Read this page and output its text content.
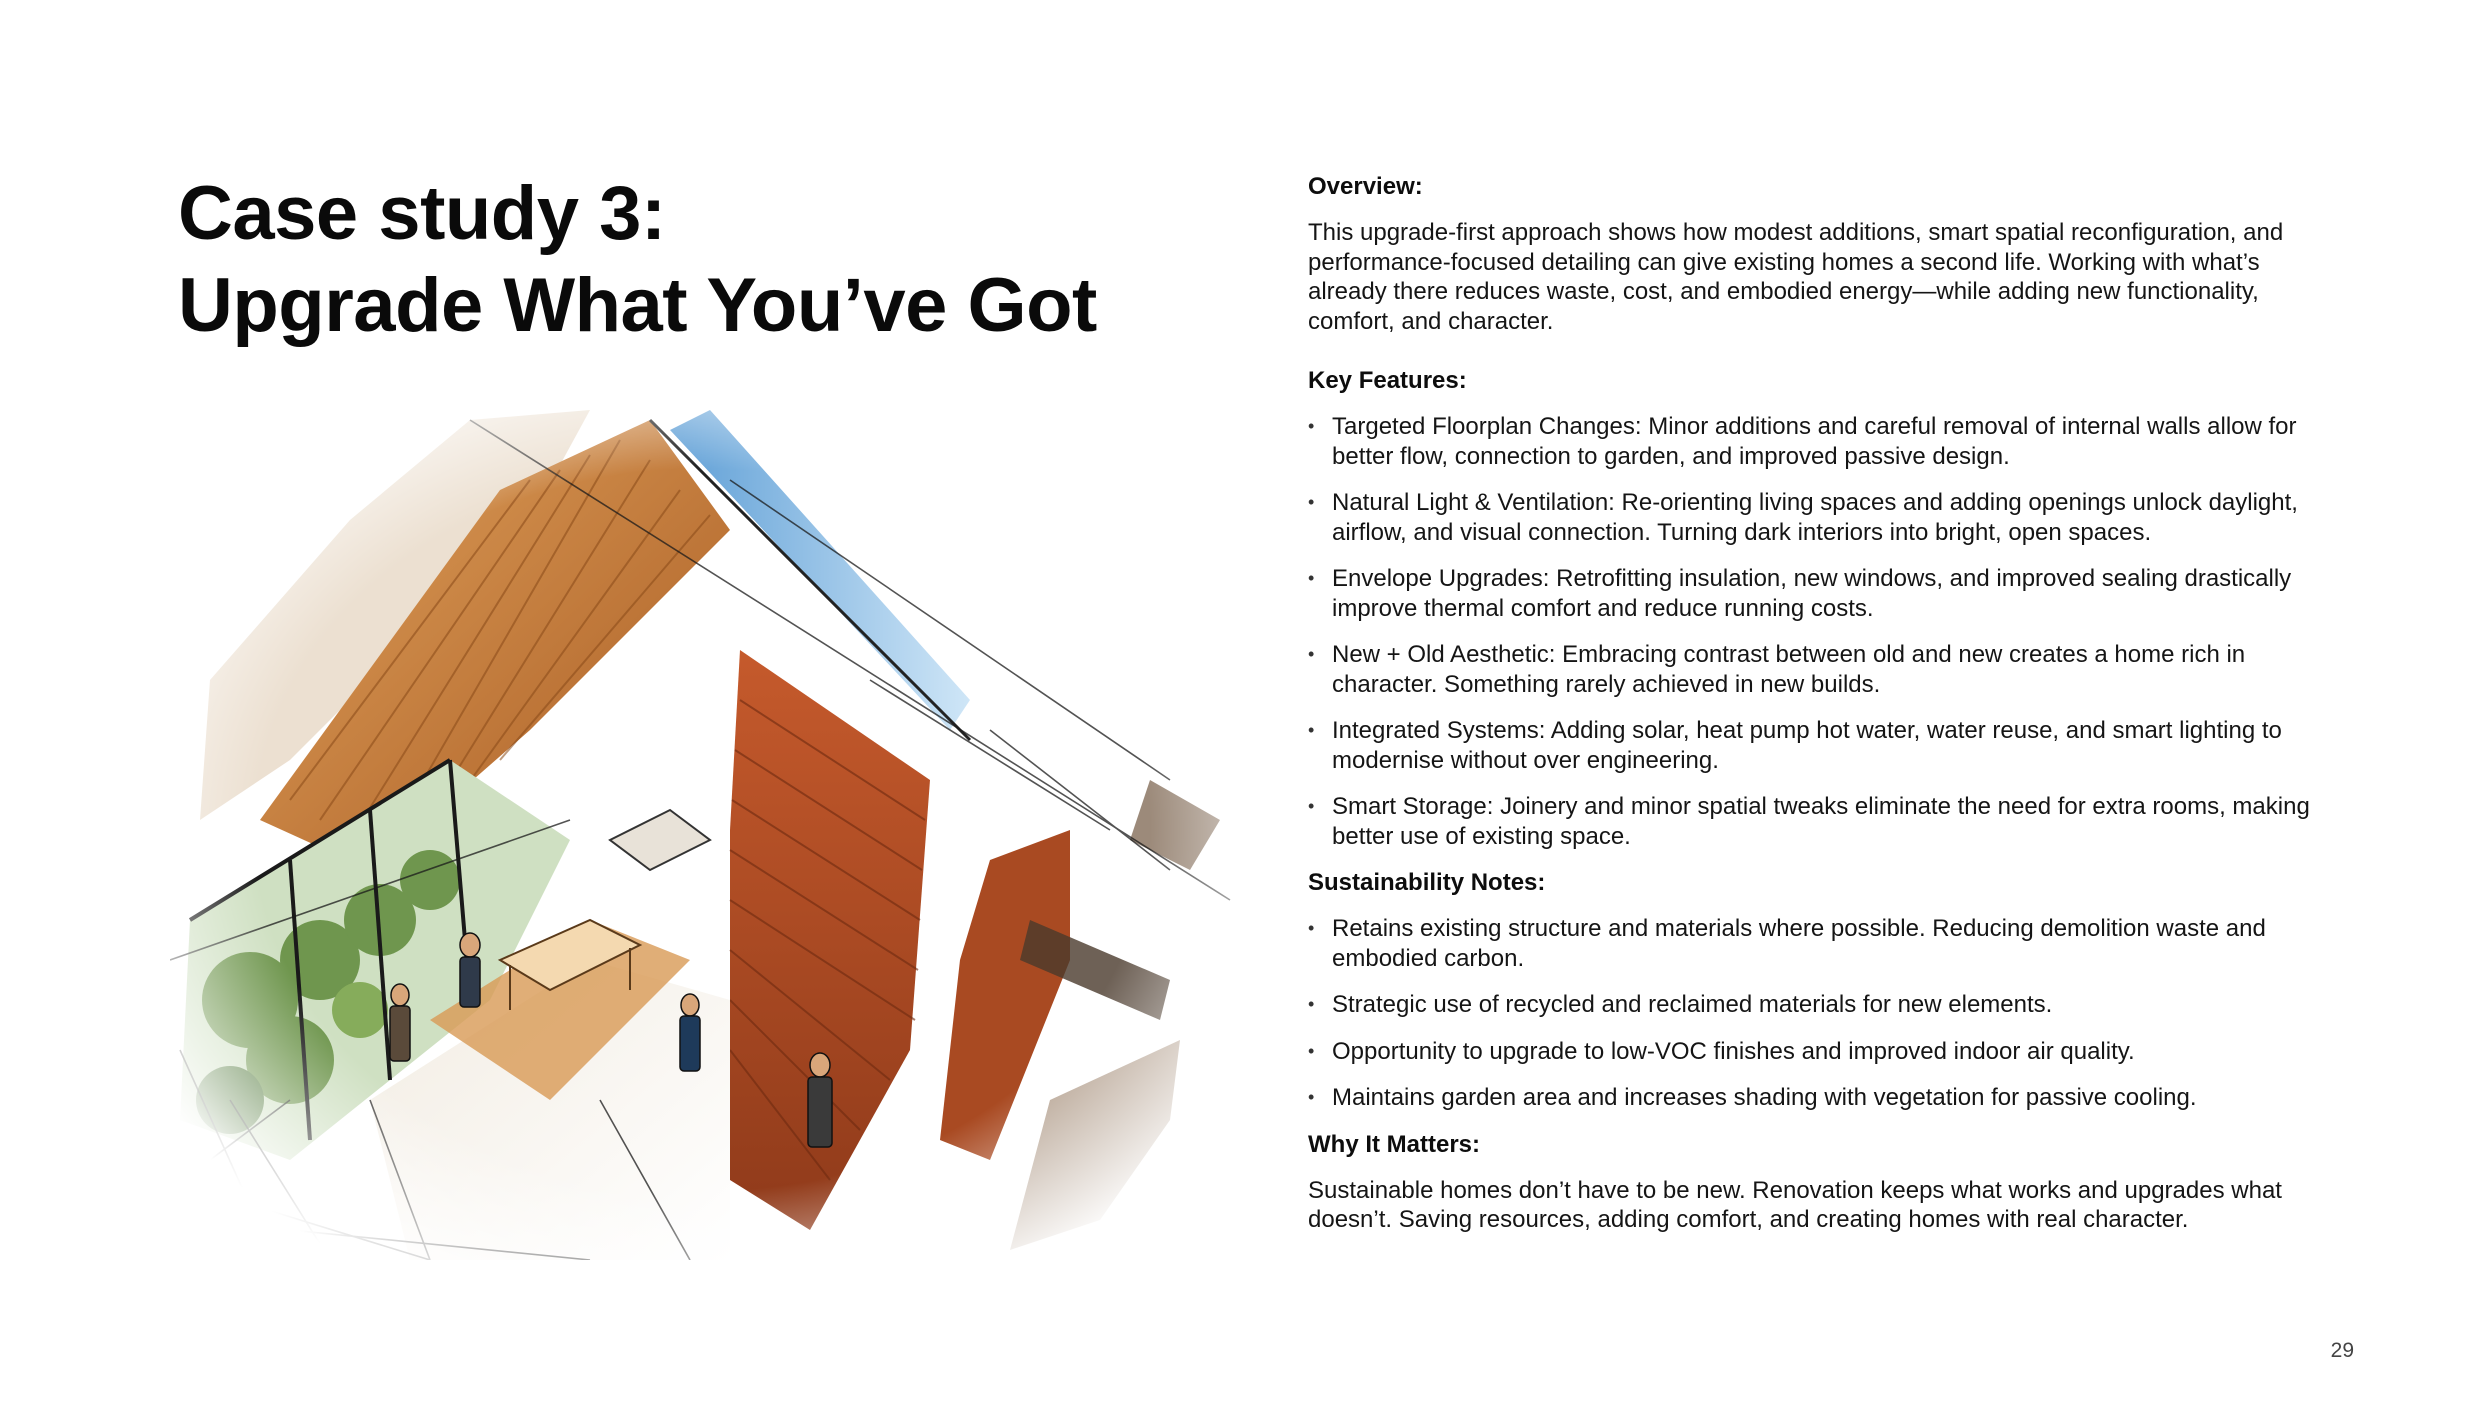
Case study 3:
Upgrade What You’ve Got

Overview:

This upgrade-first approach shows how modest additions, smart spatial reconfiguration, and performance-focused detailing can give existing homes a second life. Working with what’s already there reduces waste, cost, and embodied energy—while adding new functionality, comfort, and character.

Key Features:

• Targeted Floorplan Changes: Minor additions and careful removal of internal walls allow for better flow, connection to garden, and improved passive design.
• Natural Light & Ventilation: Re-orienting living spaces and adding openings unlock daylight, airflow, and visual connection. Turning dark interiors into bright, open spaces.
• Envelope Upgrades: Retrofitting insulation, new windows, and improved sealing drastically improve thermal comfort and reduce running costs.
• New + Old Aesthetic: Embracing contrast between old and new creates a home rich in character. Something rarely achieved in new builds.
• Integrated Systems: Adding solar, heat pump hot water, water reuse, and smart lighting to modernise without over engineering.
• Smart Storage: Joinery and minor spatial tweaks eliminate the need for extra rooms, making better use of existing space.

Sustainability Notes:

• Retains existing structure and materials where possible. Reducing demolition waste and embodied carbon.
• Strategic use of recycled and reclaimed materials for new elements.
• Opportunity to upgrade to low-VOC finishes and improved indoor air quality.
• Maintains garden area and increases shading with vegetation for passive cooling.

Why It Matters:

Sustainable homes don’t have to be new. Renovation keeps what works and upgrades what doesn’t. Saving resources, adding comfort, and creating homes with real character.

29
